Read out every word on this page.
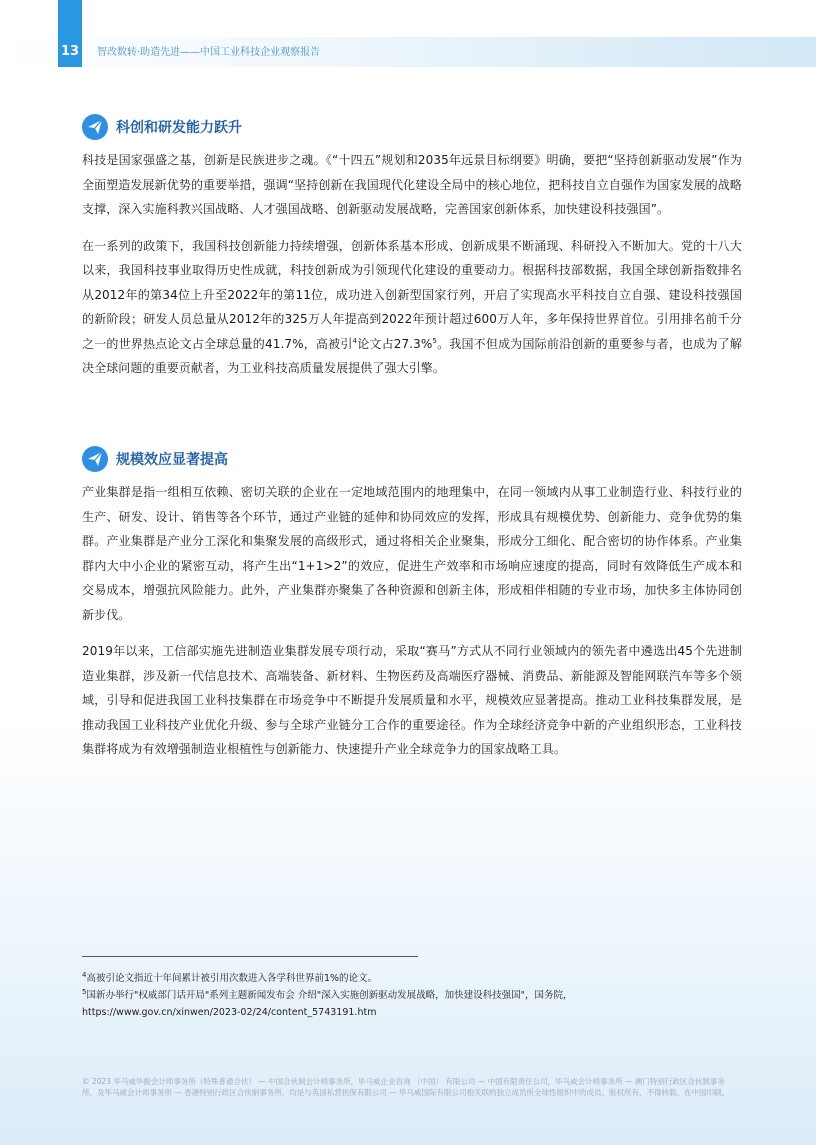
13 智改数转·助造先进——中国工业科技企业观察报告
科创和研发能力跃升

科技是国家强盛之基，创新是民族进步之魂。《“十四五”规划和2035年远景目标纲要》明确，要把“坚持创新驱动发展”作为全面塑造发展新优势的重要举措，强调“坚持创新在我国现代化建设全局中的核心地位，把科技自立自强作为国家发展的战略支撑，深入实施科教兴国战略、人才强国战略、创新驱动发展战略，完善国家创新体系，加快建设科技强国”。

在一系列的政策下，我国科技创新能力持续增强，创新体系基本形成、创新成果不断涌现、科研投入不断加大。党的十八大以来，我国科技事业取得历史性成就，科技创新成为引领现代化建设的重要动力。根据科技部数据，我国全球创新指数排名从2012年的第34位上升至2022年的第11位，成功进入创新型国家行列，开启了实现高水平科技自立自强、建设科技强国的新阶段；研发人员总量从2012年的325万人年提高到2022年预计超过600万人年，多年保持世界首位。引用排名前千分之一的世界热点论文占全球总量的41.7%，高被引$^4$论文占27.3%$^5$。我国不但成为国际前沿创新的重要参与者，也成为了解决全球问题的重要贡献者，为工业科技高质量发展提供了强大引擎。

规模效应显著提高

产业集群是指一组相互依赖、密切关联的企业在一定地域范围内的地理集中，在同一领域内从事工业制造行业、科技行业的生产、研发、设计、销售等各个环节，通过产业链的延伸和协同效应的发挥，形成具有规模优势、创新能力、竞争优势的集群。产业集群是产业分工深化和集聚发展的高级形式，通过将相关企业聚集，形成分工细化、配合密切的协作体系。产业集群内大中小企业的紧密互动，将产生出“1+1>2”的效应，促进生产效率和市场响应速度的提高，同时有效降低生产成本和交易成本，增强抗风险能力。此外，产业集群亦聚集了各种资源和创新主体，形成相伴相随的专业市场，加快多主体协同创新步伐。

2019年以来，工信部实施先进制造业集群发展专项行动，采取“赛马”方式从不同行业领域内的领先者中遴选出45个先进制造业集群，涉及新一代信息技术、高端装备、新材料、生物医药及高端医疗器械、消费品、新能源及智能网联汽车等多个领域，引导和促进我国工业科技集群在市场竞争中不断提升发展质量和水平，规模效应显著提高。推动工业科技集群发展，是推动我国工业科技产业优化升级、参与全球产业链分工合作的重要途径。作为全球经济竞争中新的产业组织形态，工业科技集群将成为有效增强制造业根植性与创新能力、快速提升产业全球竞争力的国家战略工具。

$^4$高被引论文指近十年间累计被引用次数进入各学科世界前1%的论文。
$^5$国新办举行"权威部门话开局"系列主题新闻发布会 介绍"深入实施创新驱动发展战略，加快建设科技强国"，国务院，
https://www.gov.cn/xinwen/2023-02/24/content_5743191.htm
© 2023 毕马威华振会计师事务所（特殊普通合伙） — 中国合伙制会计师事务所，毕马威企业咨询 （中国） 有限公司 — 中国有限责任公司，毕马威会计师事务所 — 澳门特别行政区合伙制事务所，及毕马威会计师事务所 — 香港特别行政区合伙制事务所，均是与英国私营担保有限公司 — 毕马威国际有限公司相关联的独立成员所全球性组织中的成员。版权所有，不得转载。在中国印刷。
